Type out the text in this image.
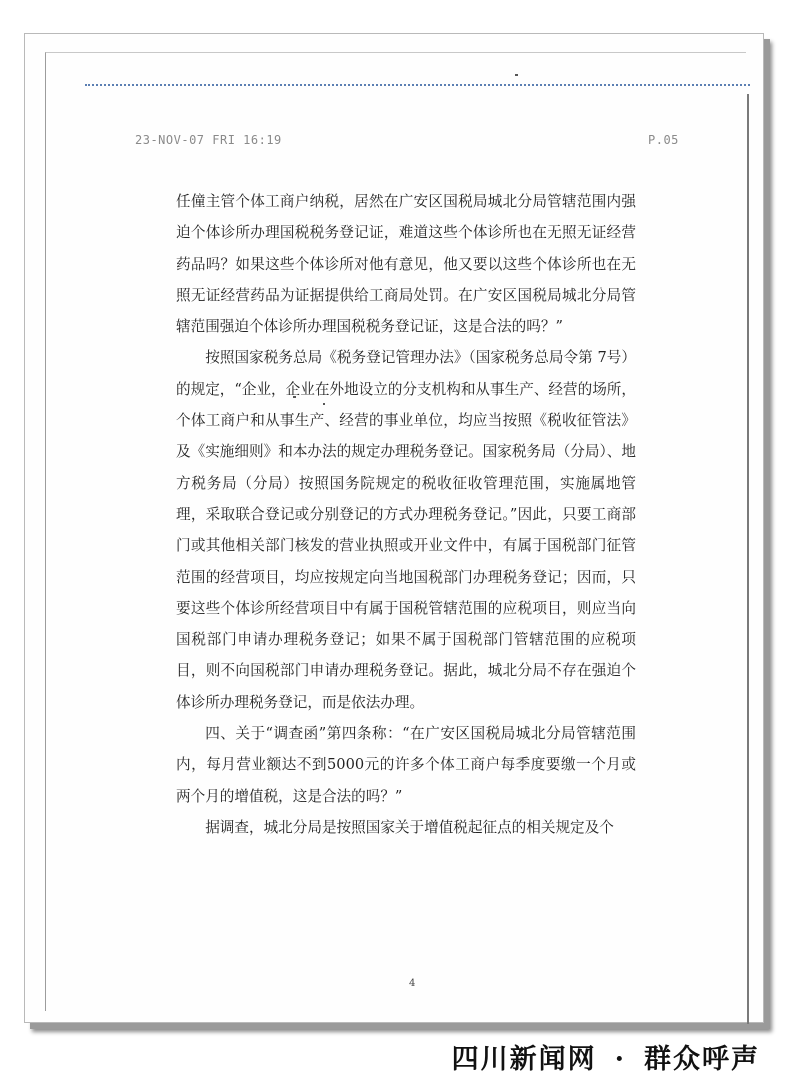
23-NOV-07 FRI 16:19	P.05
4

任僮主管个体工商户纳税，居然在广安区国税局城北分局管辖范围内强迫个体诊所办理国税税务登记证，难道这些个体诊所也在无照无证经营药品吗？如果这些个体诊所对他有意见，他又要以这些个体诊所也在无照无证经营药品为证据提供给工商局处罚。在广安区国税局城北分局管辖范围强迫个体诊所办理国税税务登记证，这是合法的吗？”

按照国家税务总局《税务登记管理办法》（国家税务总局令第 7号）的规定，“企业，企业在外地设立的分支机构和从事生产、经营的场所，个体工商户和从事生产、经营的事业单位，均应当按照《税收征管法》及《实施细则》和本办法的规定办理税务登记。国家税务局（分局）、地方税务局（分局）按照国务院规定的税收征收管理范围，实施属地管理，采取联合登记或分别登记的方式办理税务登记。”因此，只要工商部门或其他相关部门核发的营业执照或开业文件中，有属于国税部门征管范围的经营项目，均应按规定向当地国税部门办理税务登记；因而，只要这些个体诊所经营项目中有属于国税管辖范围的应税项目，则应当向国税部门申请办理税务登记；如果不属于国税部门管辖范围的应税项目，则不向国税部门申请办理税务登记。据此，城北分局不存在强迫个体诊所办理税务登记，而是依法办理。

四、关于“调查函”第四条称：“在广安区国税局城北分局管辖范围内，每月营业额达不到5000元的许多个体工商户每季度要缴一个月或两个月的增值税，这是合法的吗？”

据调查，城北分局是按照国家关于增值税起征点的相关规定及个

四川新闻网 · 群众呼声
